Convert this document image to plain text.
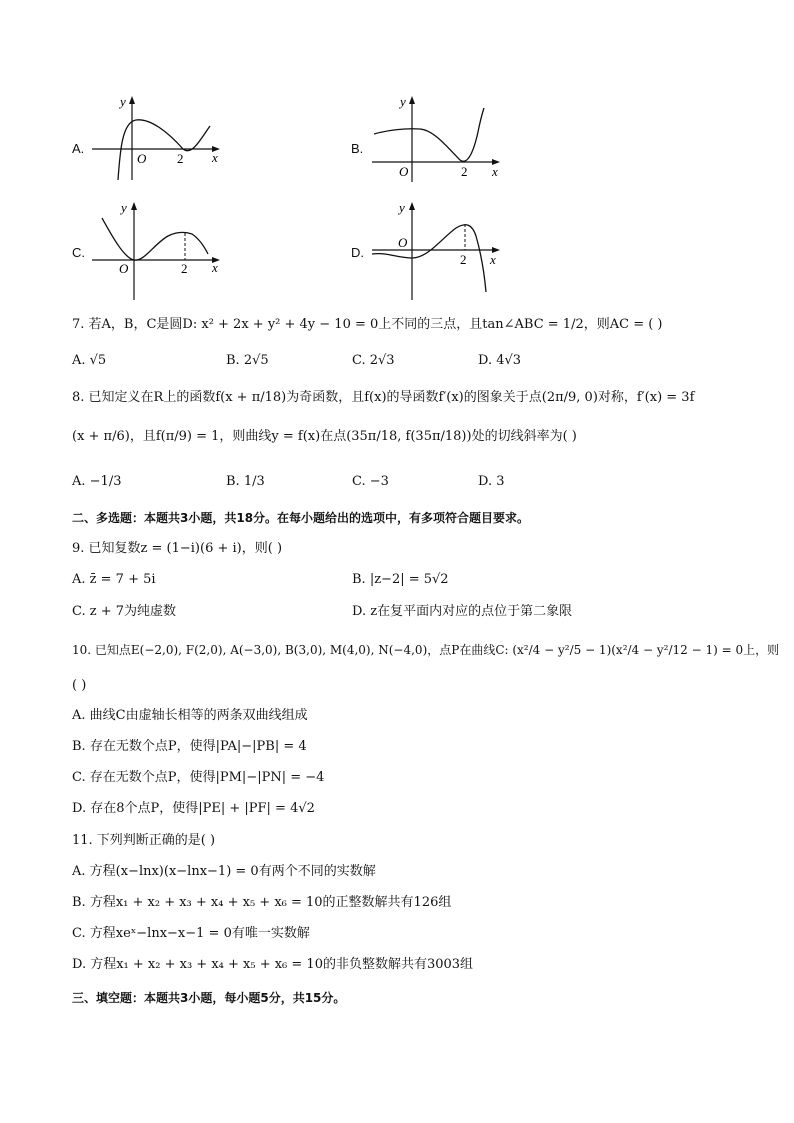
A.	B.
C.	D.
y
x
O 2
y
x
O	2
y
x
O	2
y
x
O
2
7. 若A，B，C是圆D: x² + 2x + y² + 4y − 10 = 0上不同的三点，且tan∠ABC = 1/2，则AC = ( )
A. √5	B. 2√5	C. 2√3	D. 4√3
8. 已知定义在R上的函数f(x + π/18)为奇函数，且f(x)的导函数f′(x)的图象关于点(2π/9, 0)对称，f′(x) = 3f
(x + π/6)，且f(π/9) = 1，则曲线y = f(x)在点(35π/18, f(35π/18))处的切线斜率为( )
A. −1/3	B. 1/3	C. −3	D. 3
二、多选题：本题共3小题，共18分。在每小题给出的选项中，有多项符合题目要求。
9. 已知复数z = (1−i)(6 + i)，则( )
A. z̄ = 7 + 5i	B. |z−2| = 5√2
C. z + 7为纯虚数	D. z在复平面内对应的点位于第二象限
10. 已知点E(−2,0), F(2,0), A(−3,0), B(3,0), M(4,0), N(−4,0)，点P在曲线C: (x²/4 − y²/5 − 1)(x²/4 − y²/12 − 1) = 0上，则
( )
A. 曲线C由虚轴长相等的两条双曲线组成
B. 存在无数个点P，使得|PA|−|PB| = 4
C. 存在无数个点P，使得|PM|−|PN| = −4
D. 存在8个点P，使得|PE| + |PF| = 4√2
11. 下列判断正确的是( )
A. 方程(x−lnx)(x−lnx−1) = 0有两个不同的实数解
B. 方程x₁ + x₂ + x₃ + x₄ + x₅ + x₆ = 10的正整数解共有126组
C. 方程xeˣ−lnx−x−1 = 0有唯一实数解
D. 方程x₁ + x₂ + x₃ + x₄ + x₅ + x₆ = 10的非负整数解共有3003组
三、填空题：本题共3小题，每小题5分，共15分。
